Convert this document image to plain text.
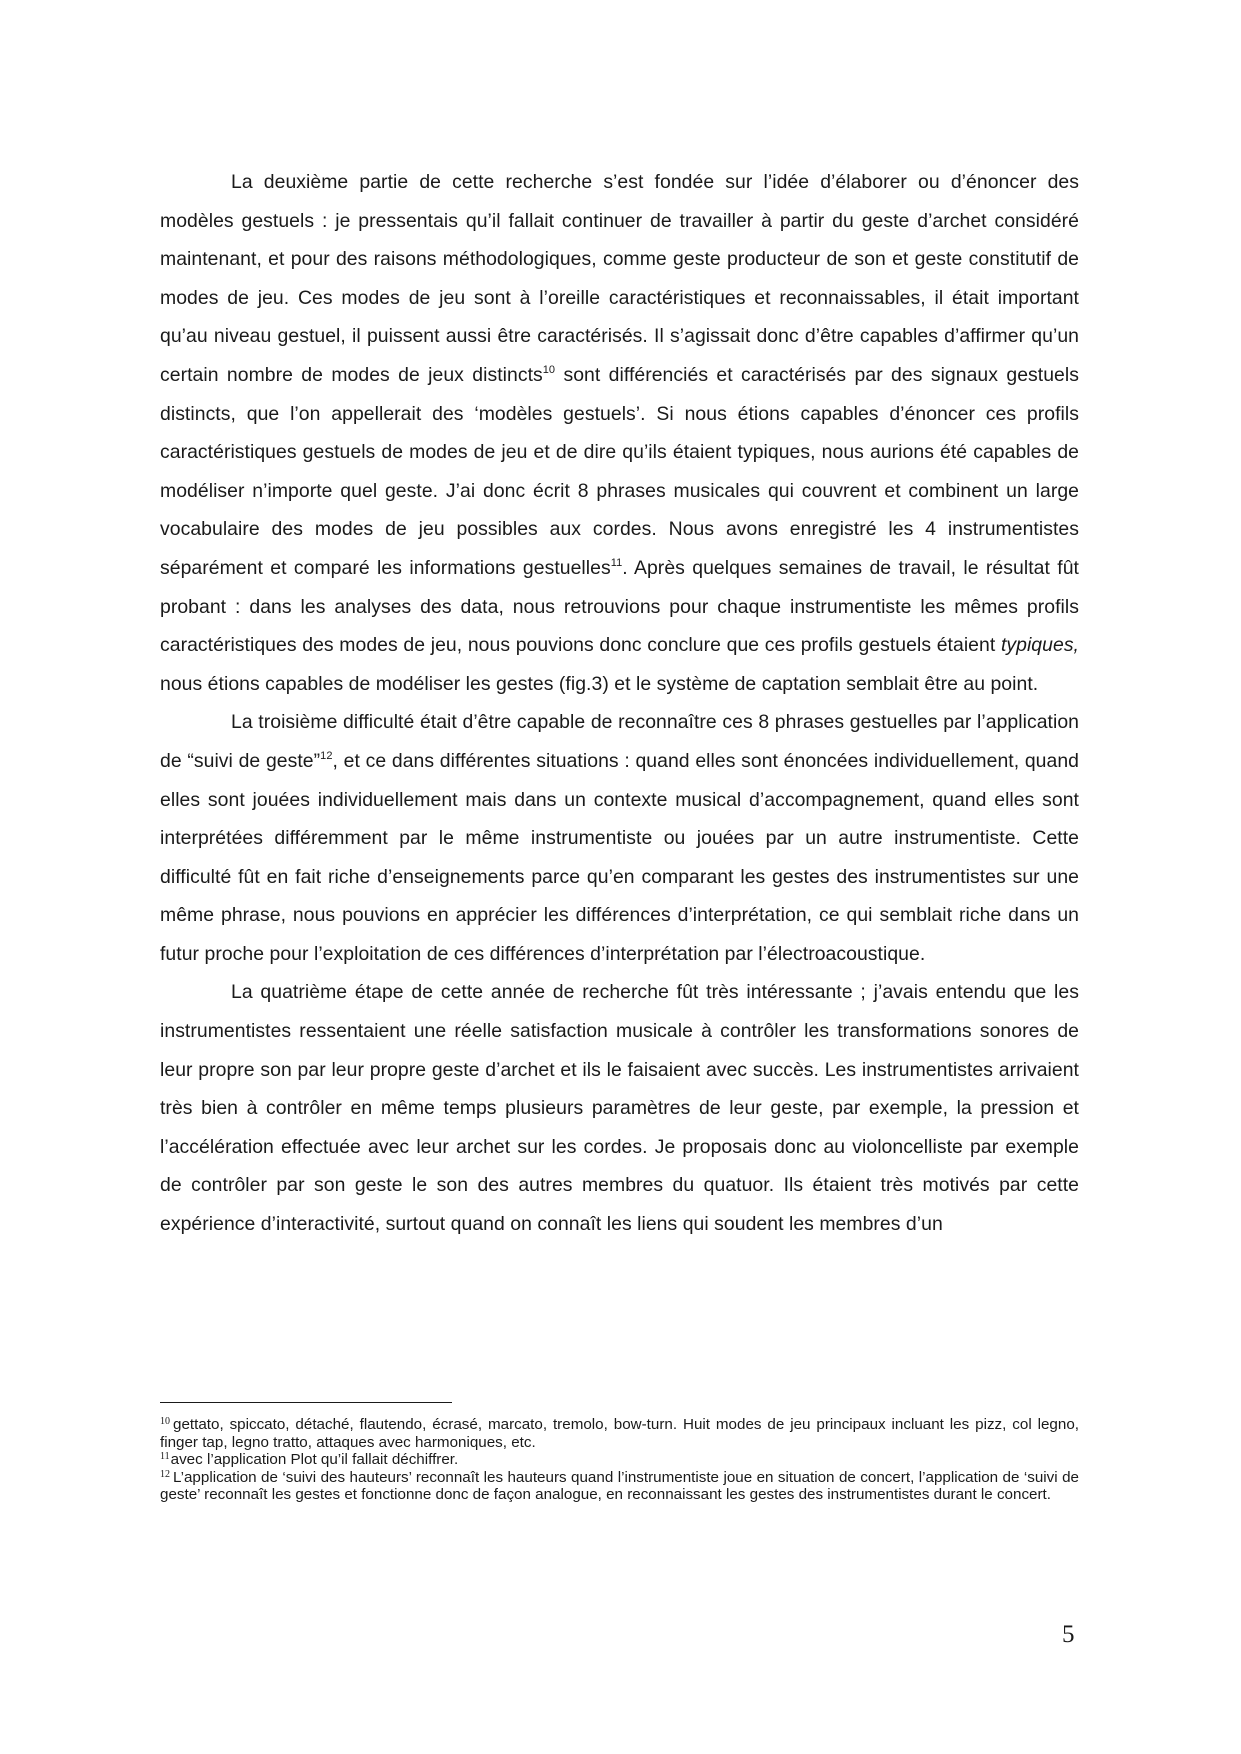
La deuxième partie de cette recherche s’est fondée sur l’idée d’élaborer ou d’énoncer des modèles gestuels : je pressentais qu’il fallait continuer de travailler à partir du geste d’archet considéré maintenant, et pour des raisons méthodologiques, comme geste producteur de son et geste constitutif de modes de jeu. Ces modes de jeu sont à l’oreille caractéristiques et reconnaissables, il était important qu’au niveau gestuel, il puissent aussi être caractérisés. Il s’agissait donc d’être capables d’affirmer qu’un certain nombre de modes de jeux distincts$^{10}$ sont différenciés et caractérisés par des signaux gestuels distincts, que l’on appellerait des ‘modèles gestuels’. Si nous étions capables d’énoncer ces profils caractéristiques gestuels de modes de jeu et de dire qu’ils étaient typiques, nous aurions été capables de modéliser n’importe quel geste. J’ai donc écrit 8 phrases musicales qui couvrent et combinent un large vocabulaire des modes de jeu possibles aux cordes. Nous avons enregistré les 4 instrumentistes séparément et comparé les informations gestuelles$^{11}$. Après quelques semaines de travail, le résultat fût probant : dans les analyses des data, nous retrouvions pour chaque instrumentiste les mêmes profils caractéristiques des modes de jeu, nous pouvions donc conclure que ces profils gestuels étaient typiques, nous étions capables de modéliser les gestes (fig.3) et le système de captation semblait être au point.

La troisième difficulté était d’être capable de reconnaître ces 8 phrases gestuelles par l’application de “suivi de geste”$^{12}$, et ce dans différentes situations : quand elles sont énoncées individuellement, quand elles sont jouées individuellement mais dans un contexte musical d’accompagnement, quand elles sont interprétées différemment par le même instrumentiste ou jouées par un autre instrumentiste. Cette difficulté fût en fait riche d’enseignements parce qu’en comparant les gestes des instrumentistes sur une même phrase, nous pouvions en apprécier les différences d’interprétation, ce qui semblait riche dans un futur proche pour l’exploitation de ces différences d’interprétation par l’électroacoustique.

La quatrième étape de cette année de recherche fût très intéressante ; j’avais entendu que les instrumentistes ressentaient une réelle satisfaction musicale à contrôler les transformations sonores de leur propre son par leur propre geste d’archet et ils le faisaient avec succès. Les instrumentistes arrivaient très bien à contrôler en même temps plusieurs paramètres de leur geste, par exemple, la pression et l’accélération effectuée avec leur archet sur les cordes. Je proposais donc au violoncelliste par exemple de contrôler par son geste le son des autres membres du quatuor. Ils étaient très motivés par cette expérience d’interactivité, surtout quand on connaît les liens qui soudent les membres d’un

$^{10}$ gettato, spiccato, détaché, flautendo, écrasé, marcato, tremolo, bow-turn. Huit modes de jeu principaux incluant les pizz, col legno, finger tap, legno tratto, attaques avec harmoniques, etc.

$^{11}$avec l’application Plot qu’il fallait déchiffrer.

$^{12}$ L’application de ‘suivi des hauteurs’ reconnaît les hauteurs quand l’instrumentiste joue en situation de concert, l’application de ‘suivi de geste’ reconnaît les gestes et fonctionne donc de façon analogue, en reconnaissant les gestes des instrumentistes durant le concert.

5
